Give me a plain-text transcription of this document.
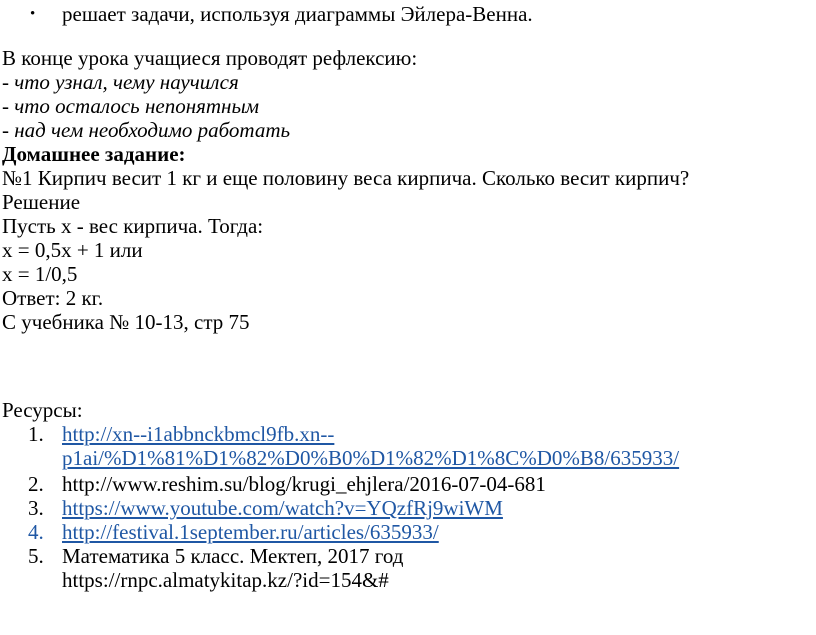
• решает задачи, используя диаграммы Эйлера-Венна.
В конце урока учащиеся проводят рефлексию:
- что узнал, чему научился
- что осталось непонятным
- над чем необходимо работать
Домашнее задание:
№1 Кирпич весит 1 кг и еще половину веса кирпича. Сколько весит кирпич?
Решение
Пусть х - вес кирпича. Тогда:
х = 0,5х + 1 или
х = 1/0,5
Ответ: 2 кг.
С учебника № 10-13, стр 75
Ресурсы:
1. http://xn--i1abbnckbmcl9fb.xn--
p1ai/%D1%81%D1%82%D0%B0%D1%82%D1%8C%D0%B8/635933/
2. http://www.reshim.su/blog/krugi_ehjlera/2016-07-04-681
3. https://www.youtube.com/watch?v=YQzfRj9wiWM
4. http://festival.1september.ru/articles/635933/
5. Математика 5 класс. Мектеп, 2017 год
https://rnpc.almatykitap.kz/?id=154&#
